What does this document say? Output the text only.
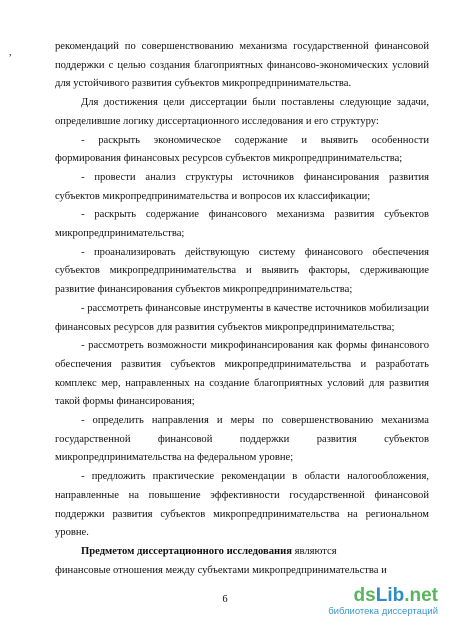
,

рекомендаций по совершенствованию механизма государственной финансовой поддержки с целью создания благоприятных финансово-экономических условий для устойчивого развития субъектов микропредпринимательства.

Для достижения цели диссертации были поставлены следующие задачи, определившие логику диссертационного исследования и его структуру:

- раскрыть экономическое содержание и выявить особенности формирования финансовых ресурсов субъектов микропредпринимательства;

- провести анализ структуры источников финансирования развития субъектов микропредпринимательства и вопросов их классификации;

- раскрыть содержание финансового механизма развития субъектов микропредпринимательства;

- проанализировать действующую систему финансового обеспечения субъектов микропредпринимательства и выявить факторы, сдерживающие развитие финансирования субъектов микропредпринимательства;

- рассмотреть финансовые инструменты в качестве источников мобилизации финансовых ресурсов для развития субъектов микропредпринимательства;

- рассмотреть возможности микрофинансирования как формы финансового обеспечения развития субъектов микропредпринимательства и разработать комплекс мер, направленных на создание благоприятных условий для развития такой формы финансирования;

- определить направления и меры по совершенствованию механизма государственной финансовой поддержки развития субъектов микропредпринимательства на федеральном уровне;

- предложить практические рекомендации в области налогообложения, направленные на повышение эффективности государственной финансовой поддержки развития субъектов микропредпринимательства на региональном уровне.

Предметом диссертационного исследования являются

финансовые отношения между субъектами микропредпринимательства и

6	dsLib.net
библиотека диссертаций
